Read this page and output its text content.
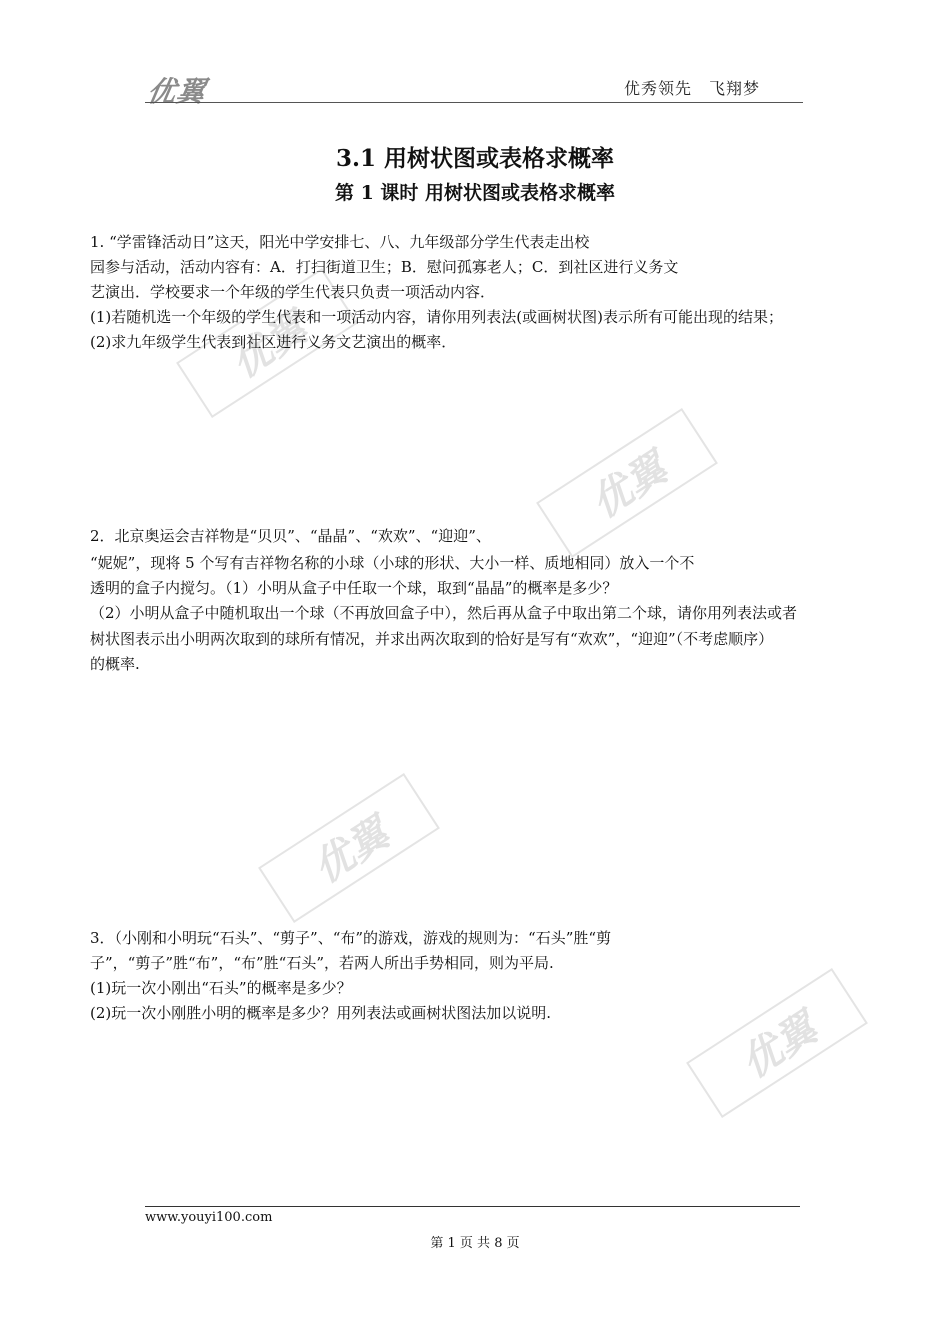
优翼	优秀领先　飞翔梦
优翼
优翼
优翼
优翼
3.1 用树状图或表格求概率
第 1 课时 用树状图或表格求概率
1. “学雷锋活动日”这天，阳光中学安排七、八、九年级部分学生代表走出校
园参与活动，活动内容有：A．打扫街道卫生；B．慰问孤寡老人；C．到社区进行义务文
艺演出．学校要求一个年级的学生代表只负责一项活动内容．
(1)若随机选一个年级的学生代表和一项活动内容，请你用列表法(或画树状图)表示所有可能出现的结果；
(2)求九年级学生代表到社区进行义务文艺演出的概率．
2．北京奥运会吉祥物是“贝贝”、“晶晶”、“欢欢”、“迎迎”、
“妮妮”，现将 5 个写有吉祥物名称的小球（小球的形状、大小一样、质地相同）放入一个不
透明的盒子内搅匀。（1）小明从盒子中任取一个球，取到“晶晶”的概率是多少？
（2）小明从盒子中随机取出一个球（不再放回盒子中），然后再从盒子中取出第二个球，请你用列表法或者
树状图表示出小明两次取到的球所有情况，并求出两次取到的恰好是写有“欢欢”，“迎迎”（不考虑顺序）
的概率.
3．（小刚和小明玩“石头”、“剪子”、“布”的游戏，游戏的规则为：“石头”胜“剪
子”，“剪子”胜“布”，“布”胜“石头”，若两人所出手势相同，则为平局.
(1)玩一次小刚出“石头”的概率是多少？
(2)玩一次小刚胜小明的概率是多少？用列表法或画树状图法加以说明.
www.youyi100.com
第 1 页 共 8 页
